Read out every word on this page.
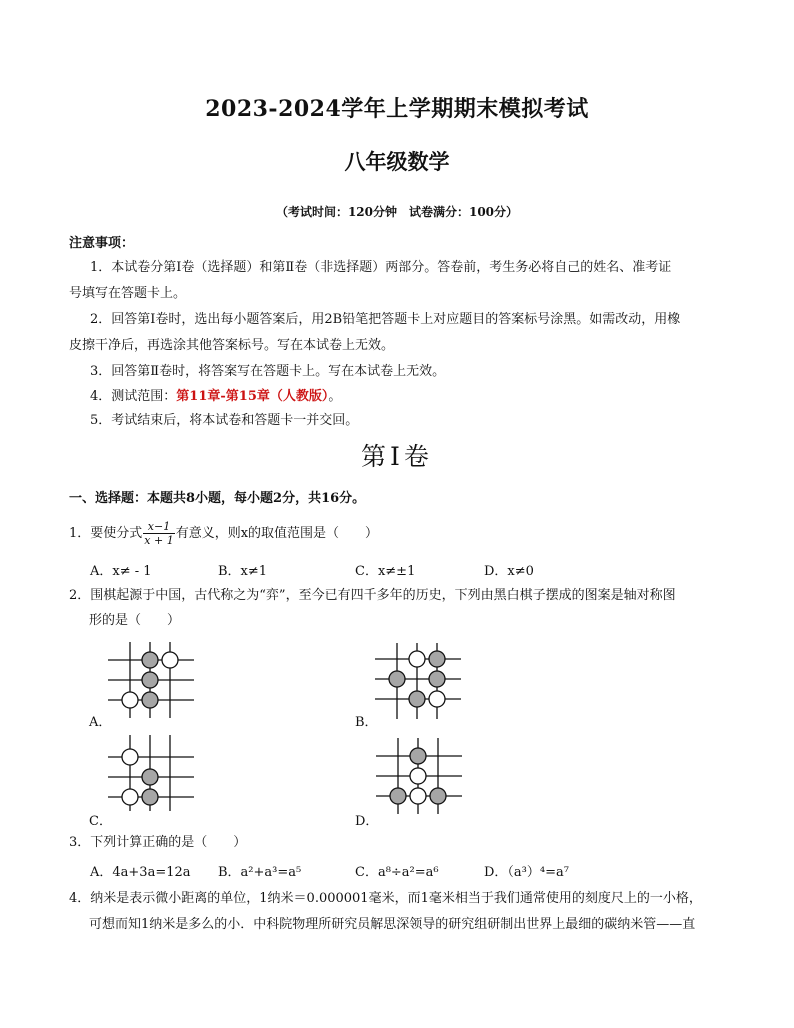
2023-2024学年上学期期末模拟考试
八年级数学
（考试时间：120分钟　试卷满分：100分）
注意事项：
1．本试卷分第Ⅰ卷（选择题）和第Ⅱ卷（非选择题）两部分。答卷前，考生务必将自己的姓名、准考证
号填写在答题卡上。
2．回答第Ⅰ卷时，选出每小题答案后，用2B铅笔把答题卡上对应题目的答案标号涂黑。如需改动，用橡
皮擦干净后，再选涂其他答案标号。写在本试卷上无效。
3．回答第Ⅱ卷时，将答案写在答题卡上。写在本试卷上无效。
4．测试范围：第11章-第15章（人教版）。
5．考试结束后，将本试卷和答题卡一并交回。
第Ⅰ卷
一、选择题：本题共8小题，每小题2分，共16分。
1．要使分式 $\frac{x-1}{x + 1}$ 有意义，则x的取值范围是（　　）
A．x≠ - 1	B．x≠1	C．x≠±1	D．x≠0
2．围棋起源于中国，古代称之为“弈”，至今已有四千多年的历史，下列由黑白棋子摆成的图案是轴对称图
形的是（　　）
A．	B．
C．	D．
3．下列计算正确的是（　　）
A．4a+3a=12a B．a²+a³=a⁵	C．a⁸÷a²=a⁶	D．（a³）⁴=a⁷
4．纳米是表示微小距离的单位，1纳米＝0.000001毫米，而1毫米相当于我们通常使用的刻度尺上的一小格，
可想而知1纳米是多么的小．中科院物理所研究员解思深领导的研究组研制出世界上最细的碳纳米管——直
